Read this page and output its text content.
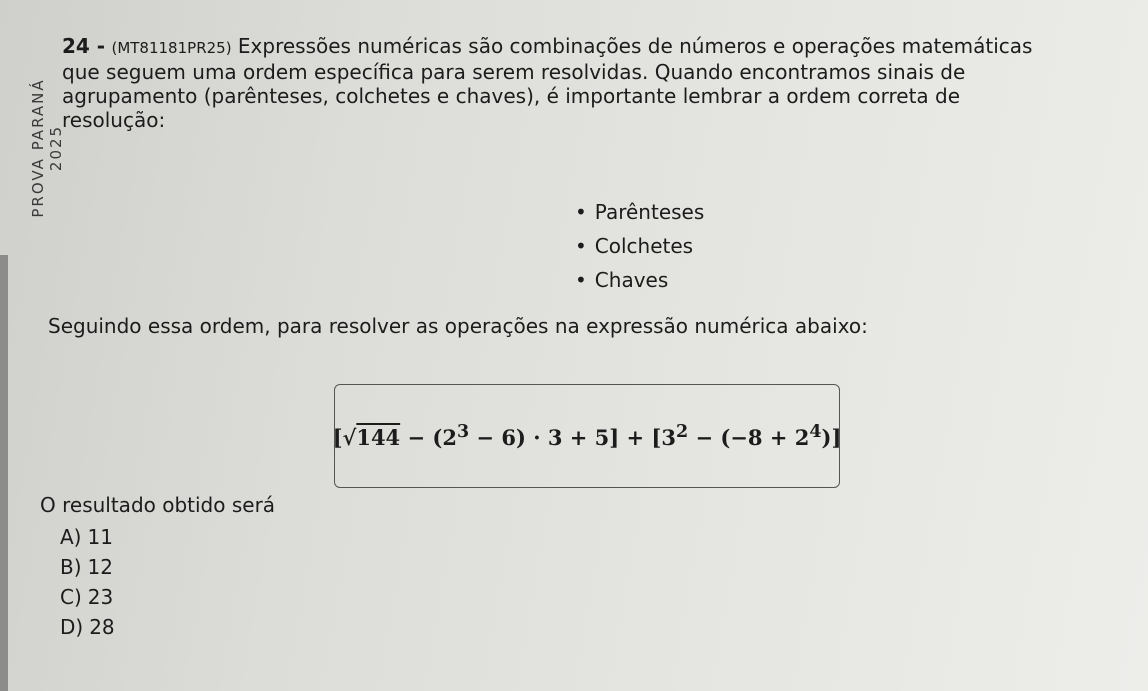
PROVA PARANÁ 2025
24 - (MT81181PR25) Expressões numéricas são combinações de números e operações matemáticas
que seguem uma ordem específica para serem resolvidas. Quando encontramos sinais de
agrupamento (parênteses, colchetes e chaves), é importante lembrar a ordem correta de
resolução:
• Parênteses
• Colchetes
• Chaves
Seguindo essa ordem, para resolver as operações na expressão numérica abaixo:
$[√144 - (2^3 - 6) \cdot 3 + 5] + [3^2 - (-8 + 2^4)]$
O resultado obtido será
A) 11
B) 12
C) 23
D) 28
